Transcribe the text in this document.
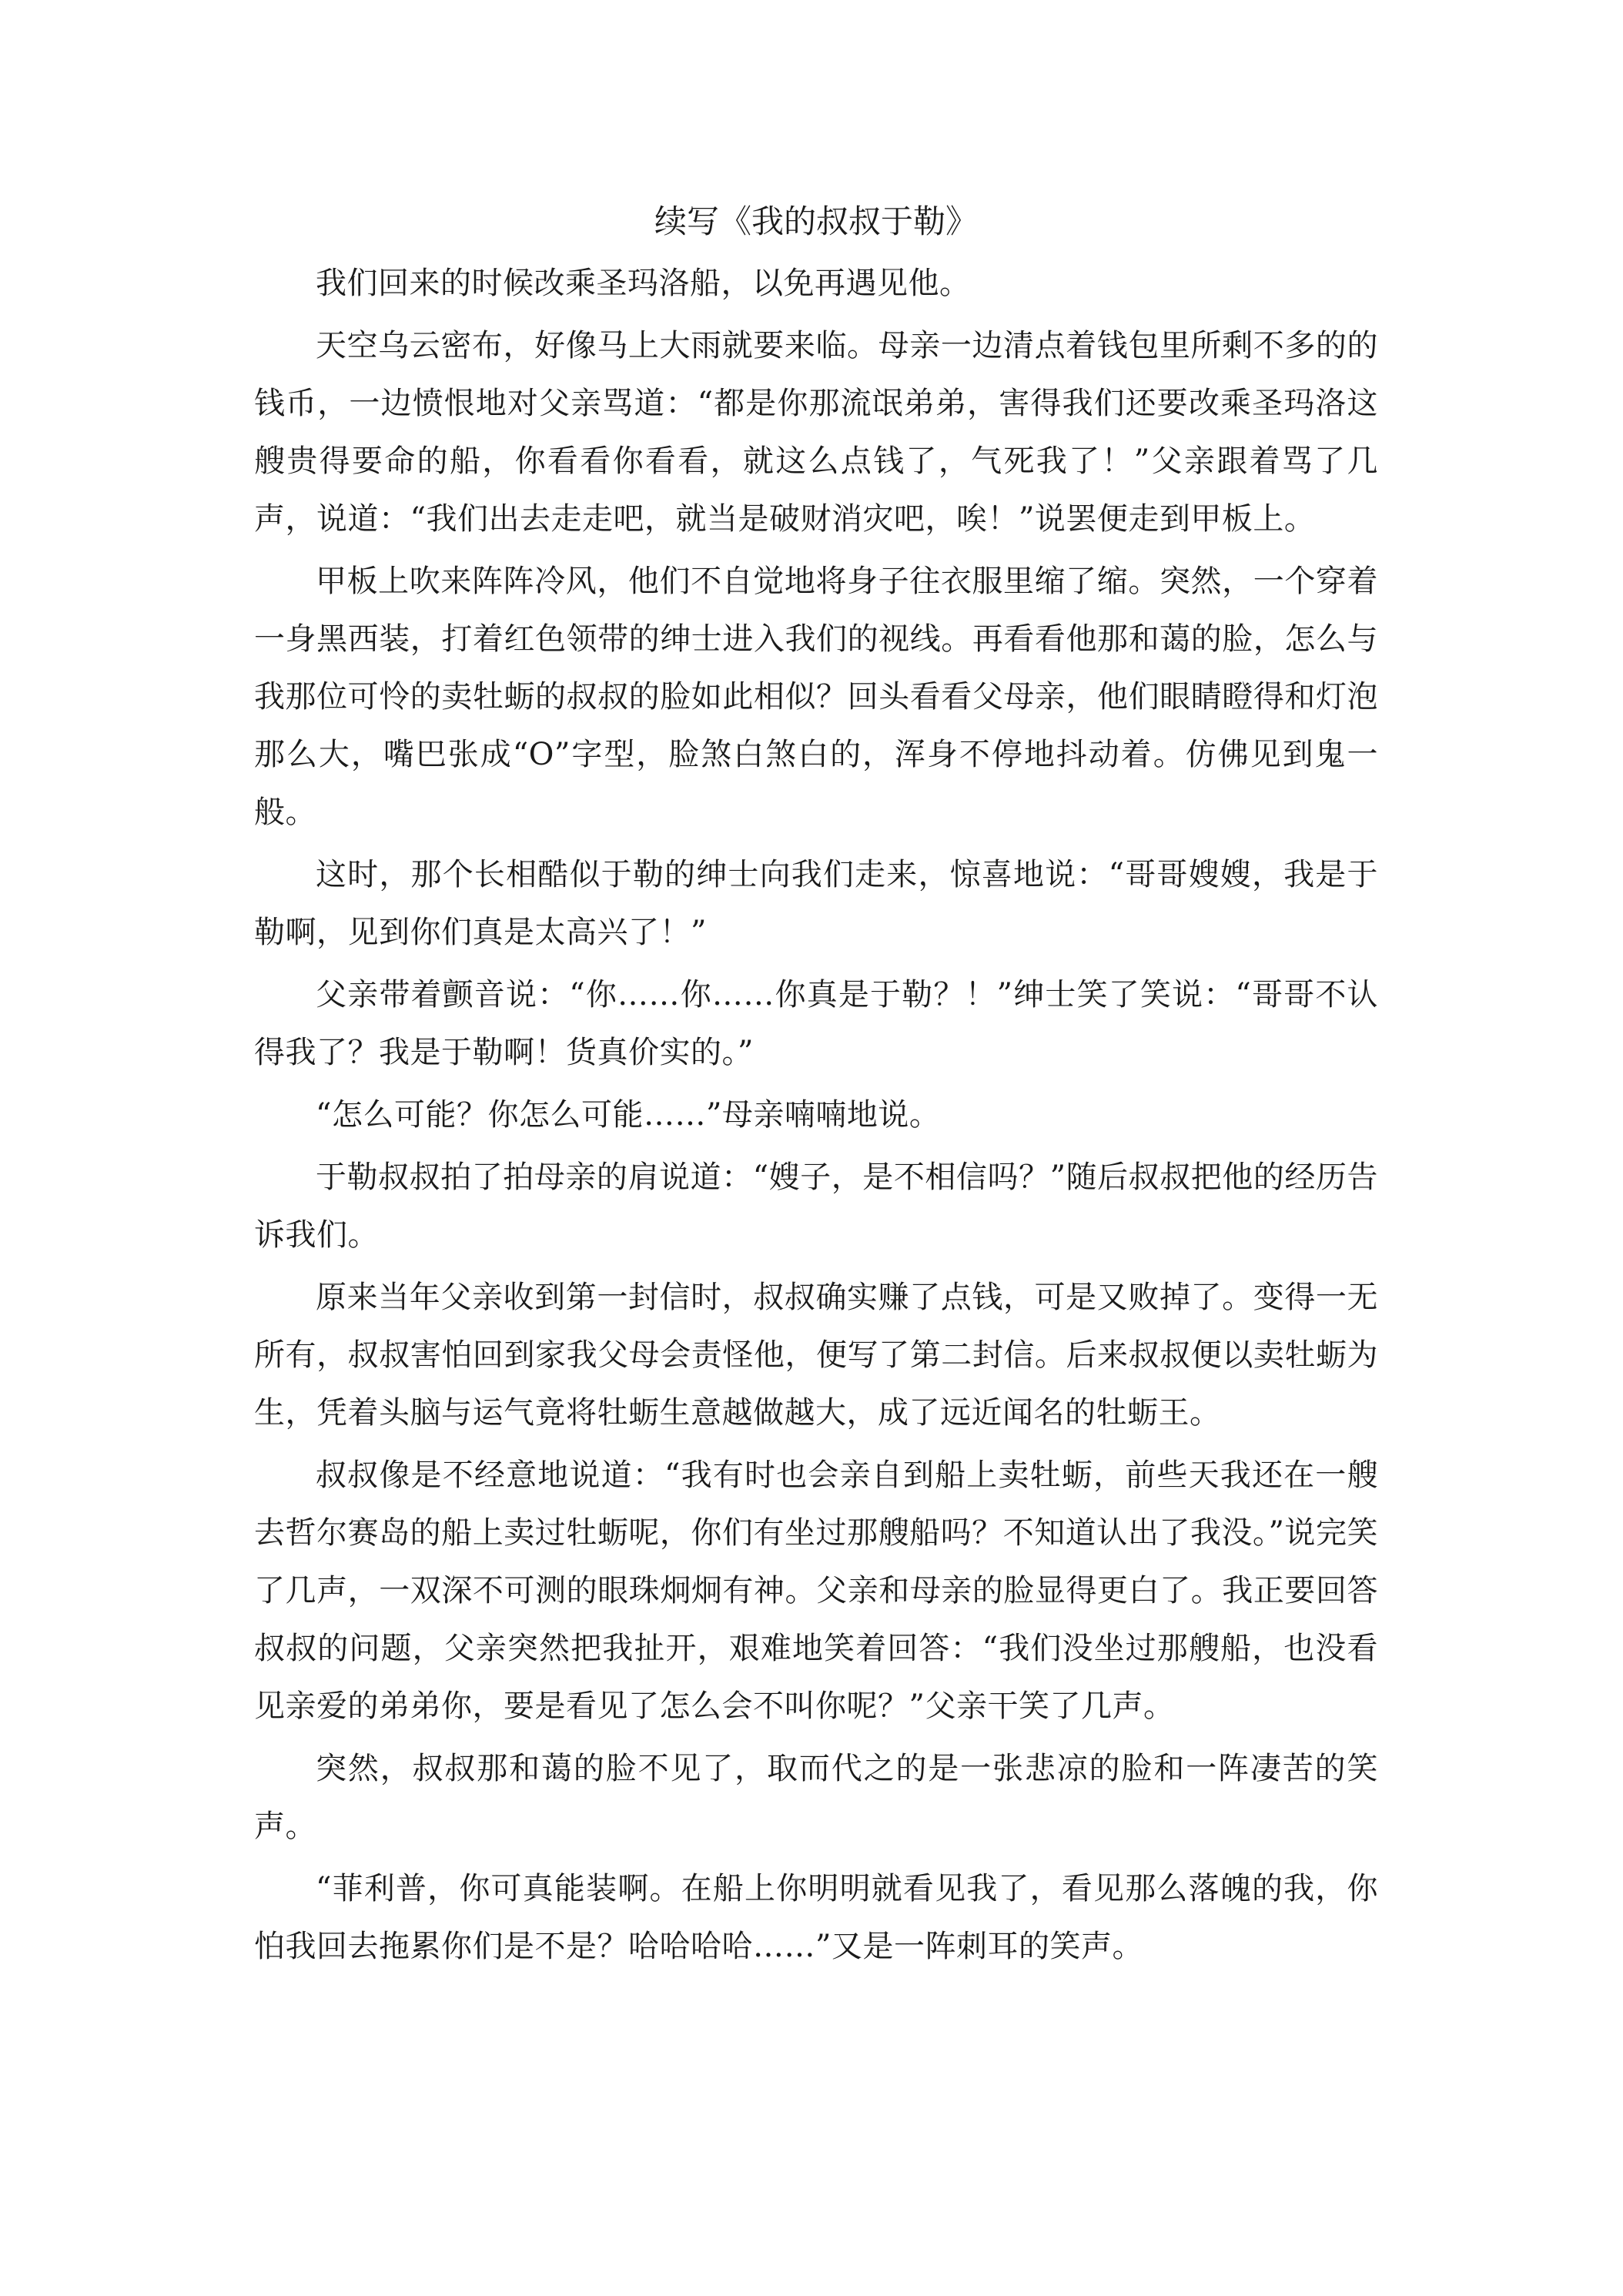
续写《我的叔叔于勒》

我们回来的时候改乘圣玛洛船，以免再遇见他。

天空乌云密布，好像马上大雨就要来临。母亲一边清点着钱包里所剩不多的的钱币，一边愤恨地对父亲骂道：“都是你那流氓弟弟，害得我们还要改乘圣玛洛这艘贵得要命的船，你看看你看看，就这么点钱了，气死我了！”父亲跟着骂了几声，说道：“我们出去走走吧，就当是破财消灾吧，唉！”说罢便走到甲板上。

甲板上吹来阵阵冷风，他们不自觉地将身子往衣服里缩了缩。突然，一个穿着一身黑西装，打着红色领带的绅士进入我们的视线。再看看他那和蔼的脸，怎么与我那位可怜的卖牡蛎的叔叔的脸如此相似？回头看看父母亲，他们眼睛瞪得和灯泡那么大，嘴巴张成“O”字型，脸煞白煞白的，浑身不停地抖动着。仿佛见到鬼一般。

这时，那个长相酷似于勒的绅士向我们走来，惊喜地说：“哥哥嫂嫂，我是于勒啊，见到你们真是太高兴了！”

父亲带着颤音说：“你……你……你真是于勒？！”绅士笑了笑说：“哥哥不认得我了？我是于勒啊！货真价实的。”

“怎么可能？你怎么可能……”母亲喃喃地说。

于勒叔叔拍了拍母亲的肩说道：“嫂子，是不相信吗？”随后叔叔把他的经历告诉我们。

原来当年父亲收到第一封信时，叔叔确实赚了点钱，可是又败掉了。变得一无所有，叔叔害怕回到家我父母会责怪他，便写了第二封信。后来叔叔便以卖牡蛎为生，凭着头脑与运气竟将牡蛎生意越做越大，成了远近闻名的牡蛎王。

叔叔像是不经意地说道：“我有时也会亲自到船上卖牡蛎，前些天我还在一艘去哲尔赛岛的船上卖过牡蛎呢，你们有坐过那艘船吗？不知道认出了我没。”说完笑了几声，一双深不可测的眼珠炯炯有神。父亲和母亲的脸显得更白了。我正要回答叔叔的问题，父亲突然把我扯开，艰难地笑着回答：“我们没坐过那艘船，也没看见亲爱的弟弟你，要是看见了怎么会不叫你呢？”父亲干笑了几声。

突然，叔叔那和蔼的脸不见了，取而代之的是一张悲凉的脸和一阵凄苦的笑声。

“菲利普，你可真能装啊。在船上你明明就看见我了，看见那么落魄的我，你怕我回去拖累你们是不是？哈哈哈哈……”又是一阵刺耳的笑声。
